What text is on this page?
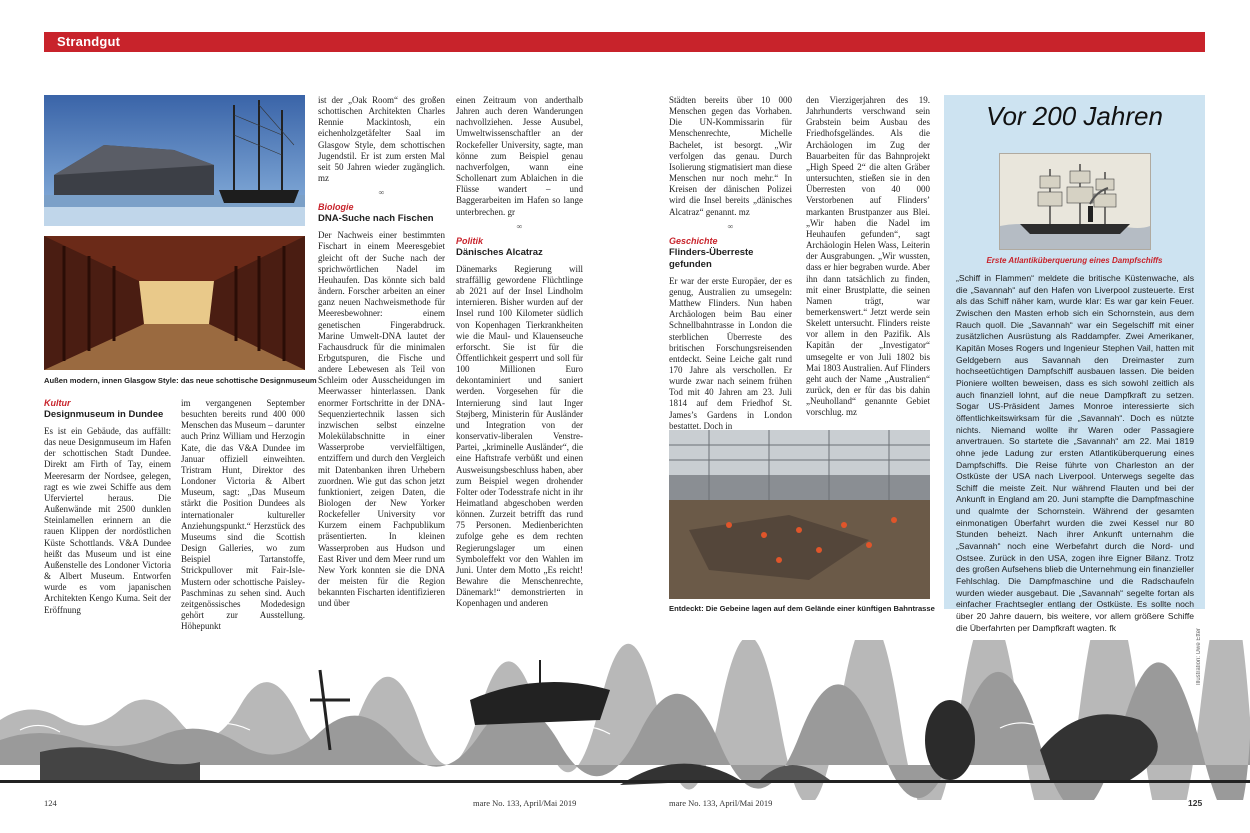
Strandgut
Außen modern, innen Glasgow Style: das neue schottische Designmuseum
Entdeckt: Die Gebeine lagen auf dem Gelände einer künftigen Bahntrasse

Kultur

Designmuseum in Dundee

Es ist ein Gebäude, das auffällt: das neue Designmuseum im Hafen der schottischen Stadt Dundee. Direkt am Firth of Tay, einem Meeresarm der Nordsee, gelegen, ragt es wie zwei Schiffe aus dem Uferviertel heraus. Die Außenwände mit 2500 dunklen Steinlamellen erinnern an die rauen Klippen der nordöstlichen Küste Schottlands. V&A Dundee heißt das Museum und ist eine Außenstelle des Londoner Victoria & Albert Museum. Entworfen wurde es vom japanischen Architekten Kengo Kuma. Seit der Eröffnung

ist der „Oak Room“ des großen schottischen Architekten Charles Rennie Mackintosh, ein eichenholzgetäfelter Saal im Glasgow Style, dem schottischen Jugendstil. Er ist zum ersten Mal seit 50 Jahren wieder zugänglich. mz

∞

Biologie

DNA-Suche nach Fischen

Der Nachweis einer bestimmten Fischart in einem Meeresgebiet gleicht oft der Suche nach der sprichwörtlichen Nadel im Heuhaufen. Das könnte sich bald ändern. Forscher arbeiten an einer ganz neuen Nachweismethode für Meeresbewohner: einem genetischen Fingerabdruck. Marine Umwelt-DNA lautet der Fachausdruck für die minimalen Erbgutspuren, die Fische und andere Lebewesen als Teil von Schleim oder Ausscheidungen im Meerwasser hinterlassen. Dank enormer Fortschritte in der DNA-Sequenziertechnik lassen sich inzwischen selbst einzelne Molekülabschnitte in einer Wasserprobe vervielfältigen, entziffern und durch den Vergleich mit Datenbanken ihren Urhebern zuordnen. Wie gut das schon jetzt funktioniert, zeigen Daten, die Biologen der New Yorker Rockefeller University vor Kurzem einem Fachpublikum präsentierten. In kleinen Wasserproben aus Hudson und East River und dem Meer rund um New York konnten sie die DNA der meisten für die Region bekannten Fischarten identifizieren und über

im vergangenen September besuchten bereits rund 400 000 Menschen das Museum – darunter auch Prinz William und Herzogin Kate, die das V&A Dundee im Januar offiziell einweihten. Tristram Hunt, Direktor des Londoner Victoria & Albert Museum, sagt: „Das Museum stärkt die Position Dundees als internationaler kultureller Anziehungspunkt.“ Herzstück des Museums sind die Scottish Design Galleries, wo zum Beispiel Tartanstoffe, Strickpullover mit Fair-Isle-Mustern oder schottische Paisley-Paschminas zu sehen sind. Auch zeitgenössisches Modedesign gehört zur Ausstellung. Höhepunkt

einen Zeitraum von anderthalb Jahren auch deren Wanderungen nachvollziehen. Jesse Ausubel, Umweltwissenschaftler an der Rockefeller University, sagte, man könne zum Beispiel genau nachverfolgen, wann eine Schollenart zum Ablaichen in die Flüsse wandert – und Baggerarbeiten im Hafen so lange unterbrechen. gr

∞

Politik

Dänisches Alcatraz

Dänemarks Regierung will straffällig gewordene Flüchtlinge ab 2021 auf der Insel Lindholm internieren. Bisher wurden auf der Insel rund 100 Kilometer südlich von Kopenhagen Tierkrankheiten wie die Maul- und Klauenseuche erforscht. Sie ist für die Öffentlichkeit gesperrt und soll für 100 Millionen Euro dekontaminiert und saniert werden. Vorgesehen für die Internierung sind laut Inger Støjberg, Ministerin für Ausländer und Integration von der konservativ-liberalen Venstre-Partei, „kriminelle Ausländer“, die eine Haftstrafe verbüßt und einen Ausweisungsbeschluss haben, aber zum Beispiel wegen drohender Folter oder Todesstrafe nicht in ihr Heimatland abgeschoben werden können. Zurzeit betrifft das rund 75 Personen. Medienberichten zufolge gehe es dem rechten Regierungslager um einen Symboleffekt vor den Wahlen im Juni. Unter dem Motto „Es reicht! Bewahre die Menschenrechte, Dänemark!“ demonstrierten in Kopenhagen und anderen

Städten bereits über 10 000 Menschen gegen das Vorhaben. Die UN-Kommissarin für Menschenrechte, Michelle Bachelet, ist besorgt. „Wir verfolgen das genau. Durch Isolierung stigmatisiert man diese Menschen nur noch mehr.“ In Kreisen der dänischen Polizei wird die Insel bereits „dänisches Alcatraz“ genannt. mz

∞

Geschichte

Flinders-Überreste gefunden

Er war der erste Europäer, der es genug, Australien zu umsegeln: Matthew Flinders. Nun haben Archäologen beim Bau einer Schnellbahntrasse in London die sterblichen Überreste des britischen Forschungsreisenden entdeckt. Seine Leiche galt rund 170 Jahre als verschollen. Er wurde zwar nach seinem frühen Tod mit 40 Jahren am 23. Juli 1814 auf dem Friedhof St. James’s Gardens in London bestattet. Doch in

den Vierzigerjahren des 19. Jahrhunderts verschwand sein Grabstein beim Ausbau des Friedhofsgeländes. Als die Archäologen im Zug der Bauarbeiten für das Bahnprojekt „High Speed 2“ die alten Gräber untersuchten, stießen sie in den Überresten von 40 000 Verstorbenen auf Flinders’ markanten Brustpanzer aus Blei. „Wir haben die Nadel im Heuhaufen gefunden“, sagt Archäologin Helen Wass, Leiterin der Ausgrabungen. „Wir wussten, dass er hier begraben wurde. Aber ihn dann tatsächlich zu finden, mit einer Brustplatte, die seinen Namen trägt, war bemerkenswert.“ Jetzt werde sein Skelett untersucht. Flinders reiste vor allem in den Pazifik. Als Kapitän der „Investigator“ umsegelte er von Juli 1802 bis Mai 1803 Australien. Auf Flinders geht auch der Name „Australien“ zurück, den er für das bis dahin „Neuholland“ genannte Gebiet vorschlug. mz

Vor 200 Jahren
Erste Atlantiküberquerung eines Dampfschiffs

„Schiff in Flammen“ meldete die britische Küstenwache, als die „Savannah“ auf den Hafen von Liverpool zusteuerte. Erst als das Schiff näher kam, wurde klar: Es war gar kein Feuer. Zwischen den Masten erhob sich ein Schornstein, aus dem Rauch quoll. Die „Savannah“ war ein Segelschiff mit einer zusätzlichen Ausrüstung als Raddampfer. Zwei Amerikaner, Kapitän Moses Rogers und Ingenieur Stephen Vail, hatten mit Geldgebern aus Savannah den Dreimaster zum hochseetüchtigen Dampfschiff ausbauen lassen. Die beiden Pioniere wollten beweisen, dass es sich sowohl zeitlich als auch finanziell lohnt, auf die neue Dampfkraft zu setzen. Sogar US-Präsident James Monroe interessierte sich öffentlichkeitswirksam für die „Savannah“. Doch es nützte nichts. Niemand wollte ihr Waren oder Passagiere anvertrauen. So startete die „Savannah“ am 22. Mai 1819 ohne jede Ladung zur ersten Atlantiküberquerung eines Dampfschiffs. Die Reise führte von Charleston an der Ostküste der USA nach Liverpool. Unterwegs segelte das Schiff die meiste Zeit. Nur während Flauten und bei der Ankunft in England am 20. Juni stampfte die Dampfmaschine und qualmte der Schornstein. Während der gesamten einmonatigen Überfahrt wurden die zwei Kessel nur 80 Stunden beheizt. Nach ihrer Ankunft unternahm die „Savannah“ noch eine Werbefahrt durch die Nord- und Ostsee. Zurück in den USA, zogen ihre Eigner Bilanz. Trotz des großen Aufsehens blieb die Unternehmung ein finanzieller Fehlschlag. Die Dampfmaschine und die Radschaufeln wurden wieder ausgebaut. Die „Savannah“ segelte fortan als einfacher Frachtsegler entlang der Ostküste. Es sollte noch über 20 Jahre dauern, bis weitere, vor allem größere Schiffe die Überfahrten per Dampfkraft wagten. fk

Illustration: Uwe Etter
124	mare No. 133, April/Mai 2019	mare No. 133, April/Mai 2019	125
